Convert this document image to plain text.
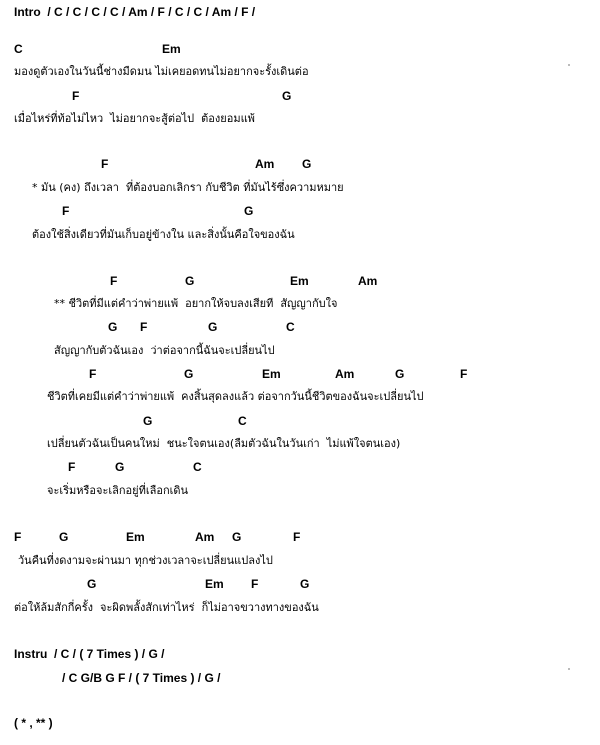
Intro  / C / C / C / C / Am / F / C / C / Am / F /

C

	Em

มองดูตัวเองในวันนี้ช่างมืดมน ไม่เคยอดทนไม่อยากจะรั้งเดินต่อ

F

	G

เมื่อไหร่ที่ท้อไม่ไหว  ไม่อยากจะสู้ต่อไป  ต้องยอมแพ้

F

	Am

G

* มัน (คง) ถึงเวลา  ที่ต้องบอกเลิกรา กับชีวิต ที่มันไร้ซึ่งความหมาย

F

	G

ต้องใช้สิ่งเดียวที่มันเก็บอยู่ข้างใน และสิ่งนั้นคือใจของฉัน

F

	G

	Em

	Am

** ชีวิตที่มีแต่คำว่าพ่ายแพ้  อยากให้จบลงเสียที  สัญญากับใจ

G

F

	G

	C

สัญญากับตัวฉันเอง  ว่าต่อจากนี้ฉันจะเปลี่ยนไป

F

	G

	Em

	Am

	G

	F

ชีวิตที่เคยมีแต่คำว่าพ่ายแพ้  คงสิ้นสุดลงแล้ว ต่อจากวันนี้ชีวิตของฉันจะเปลี่ยนไป

G

	C

เปลี่ยนตัวฉันเป็นคนใหม่  ชนะใจตนเอง(ลืมตัวฉันในวันเก่า  ไม่แพ้ใจตนเอง)

F

	G

	C

จะเริ่มหรือจะเลิกอยู่ที่เลือกเดิน

F

	G

	Em

	Am

G

	F

วันคืนที่งดงามจะผ่านมา ทุกช่วงเวลาจะเปลี่ยนแปลงไป

G

	Em

F

	G

ต่อให้ล้มสักกี่ครั้ง  จะผิดพลั้งสักเท่าไหร่  ก็ไม่อาจขวางทางของฉัน
Instru  / C / ( 7 Times ) / G /
/ C G/B G F / ( 7 Times ) / G /
( * , ** )
